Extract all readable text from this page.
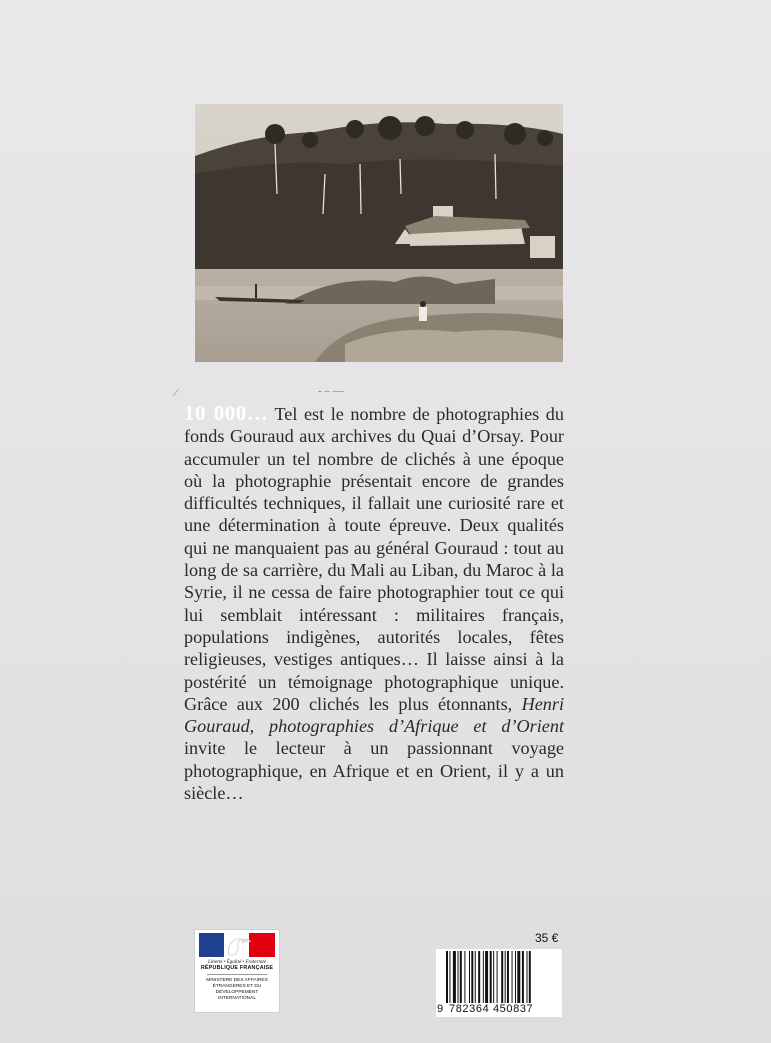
⁄	- ‒ —

10 000… Tel est le nombre de photographies du fonds Gouraud aux archives du Quai d’Orsay. Pour accumuler un tel nombre de clichés à une époque où la photographie présentait encore de grandes difficultés techniques, il fallait une curiosité rare et une détermination à toute épreuve. Deux qualités qui ne manquaient pas au général Gouraud : tout au long de sa carrière, du Mali au Liban, du Maroc à la Syrie, il ne cessa de faire photographier tout ce qui lui semblait intéressant : militaires français, populations indigènes, autorités locales, fêtes religieuses, vestiges antiques… Il laisse ainsi à la postérité un témoignage photographique unique. Grâce aux 200 clichés les plus étonnants, Henri Gouraud, photographies d’Afrique et d’Orient invite le lecteur à un passionnant voyage photographique, en Afrique et en Orient, il y a un siècle…

Liberté • Égalité • Fraternité
RÉPUBLIQUE FRANÇAISE
MINISTÈRE DES AFFAIRES ÉTRANGÈRES ET DU DÉVELOPPEMENT INTERNATIONAL
35 €
9 782364 450837
